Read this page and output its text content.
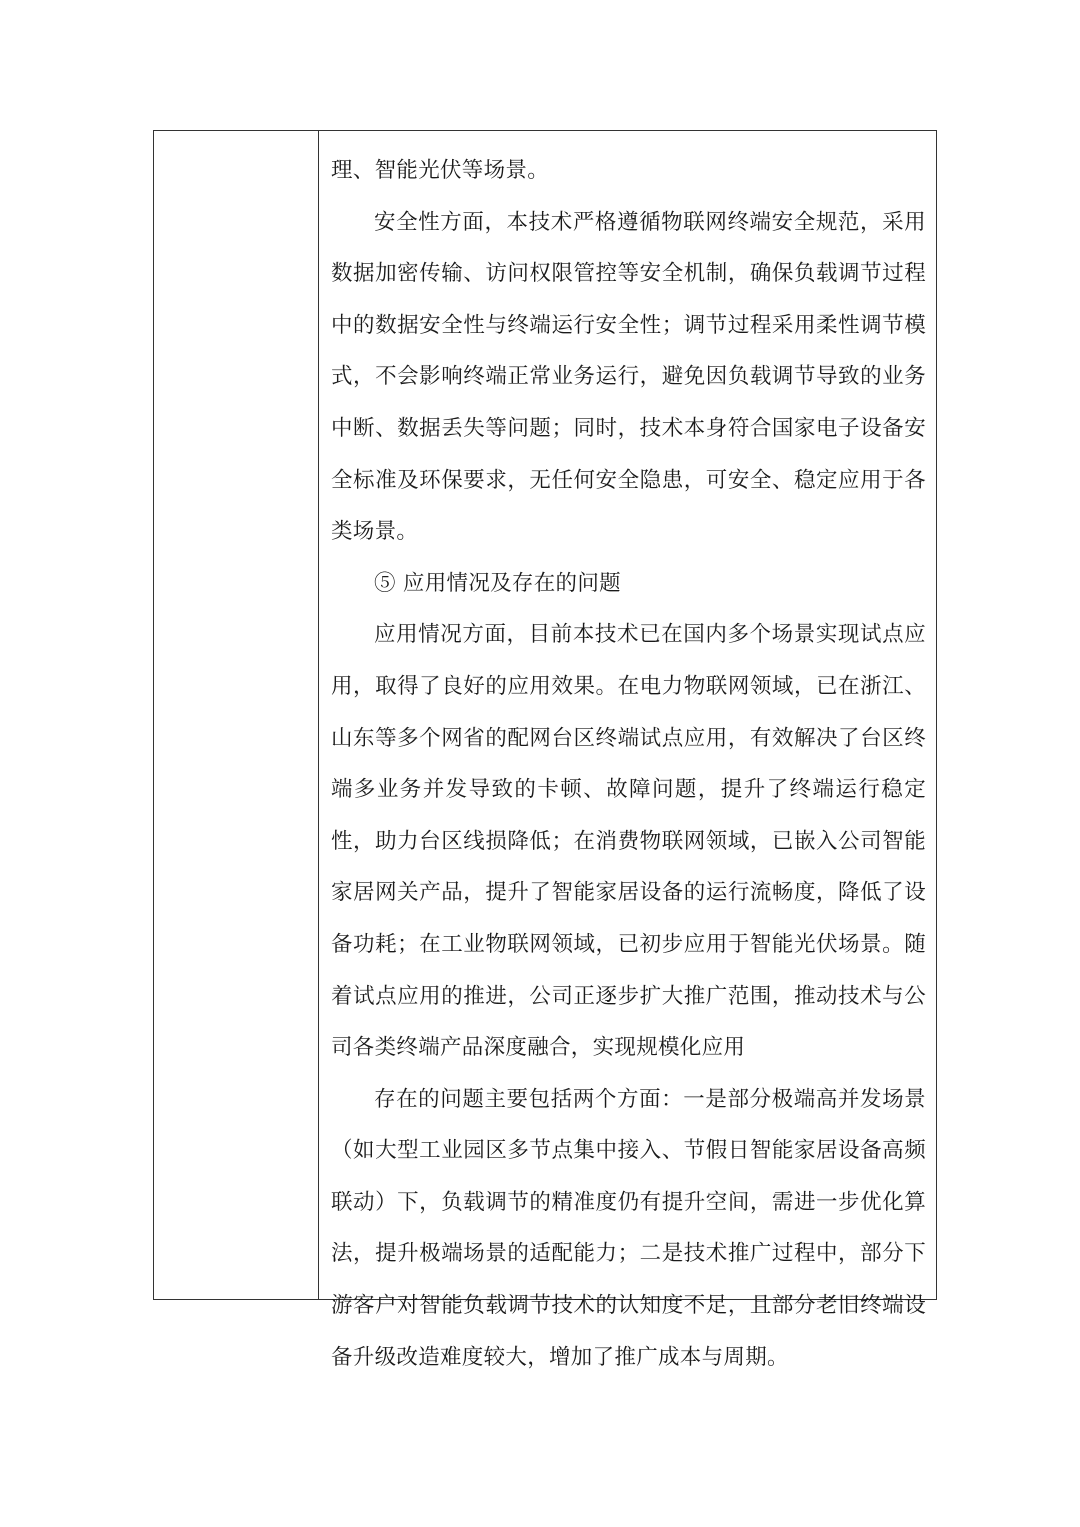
理、智能光伏等场景。

安全性方面，本技术严格遵循物联网终端安全规范，采用数据加密传输、访问权限管控等安全机制，确保负载调节过程中的数据安全性与终端运行安全性；调节过程采用柔性调节模式，不会影响终端正常业务运行，避免因负载调节导致的业务中断、数据丢失等问题；同时，技术本身符合国家电子设备安全标准及环保要求，无任何安全隐患，可安全、稳定应用于各类场景。

⑤ 应用情况及存在的问题

应用情况方面，目前本技术已在国内多个场景实现试点应用，取得了良好的应用效果。在电力物联网领域，已在浙江、山东等多个网省的配网台区终端试点应用，有效解决了台区终端多业务并发导致的卡顿、故障问题，提升了终端运行稳定性，助力台区线损降低；在消费物联网领域，已嵌入公司智能家居网关产品，提升了智能家居设备的运行流畅度，降低了设备功耗；在工业物联网领域，已初步应用于智能光伏场景。随着试点应用的推进，公司正逐步扩大推广范围，推动技术与公司各类终端产品深度融合，实现规模化应用

存在的问题主要包括两个方面：一是部分极端高并发场景（如大型工业园区多节点集中接入、节假日智能家居设备高频联动）下，负载调节的精准度仍有提升空间，需进一步优化算法，提升极端场景的适配能力；二是技术推广过程中，部分下游客户对智能负载调节技术的认知度不足，且部分老旧终端设备升级改造难度较大，增加了推广成本与周期。
